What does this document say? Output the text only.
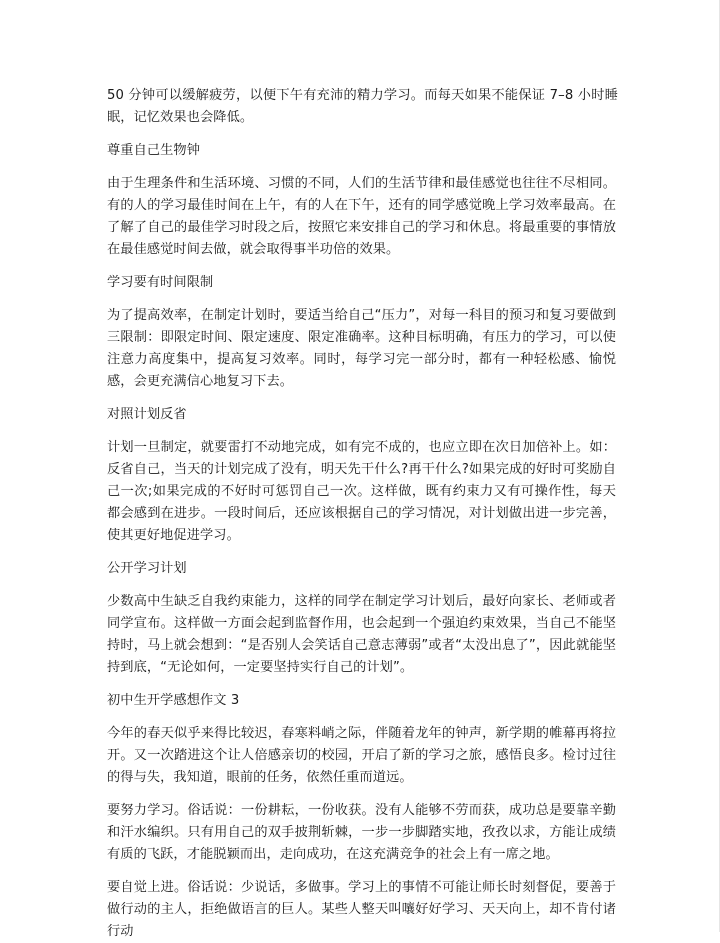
50 分钟可以缓解疲劳，以便下午有充沛的精力学习。而每天如果不能保证 7–8 小时睡眠，记忆效果也会降低。

尊重自己生物钟

由于生理条件和生活环境、习惯的不同，人们的生活节律和最佳感觉也往往不尽相同。有的人的学习最佳时间在上午，有的人在下午，还有的同学感觉晚上学习效率最高。在了解了自己的最佳学习时段之后，按照它来安排自己的学习和休息。将最重要的事情放在最佳感觉时间去做，就会取得事半功倍的效果。

学习要有时间限制

为了提高效率，在制定计划时，要适当给自己“压力”，对每一科目的预习和复习要做到三限制：即限定时间、限定速度、限定准确率。这种目标明确，有压力的学习，可以使注意力高度集中，提高复习效率。同时，每学习完一部分时，都有一种轻松感、愉悦感，会更充满信心地复习下去。

对照计划反省

计划一旦制定，就要雷打不动地完成，如有完不成的，也应立即在次日加倍补上。如：反省自己，当天的计划完成了没有，明天先干什么?再干什么?如果完成的好时可奖励自己一次;如果完成的不好时可惩罚自己一次。这样做，既有约束力又有可操作性，每天都会感到在进步。一段时间后，还应该根据自己的学习情况，对计划做出进一步完善，使其更好地促进学习。

公开学习计划

少数高中生缺乏自我约束能力，这样的同学在制定学习计划后，最好向家长、老师或者同学宣布。这样做一方面会起到监督作用，也会起到一个强迫约束效果，当自己不能坚持时，马上就会想到：“是否别人会笑话自己意志薄弱”或者“太没出息了”，因此就能坚持到底，“无论如何，一定要坚持实行自己的计划”。

初中生开学感想作文 3

今年的春天似乎来得比较迟，春寒料峭之际，伴随着龙年的钟声，新学期的帷幕再将拉开。又一次踏进这个让人倍感亲切的校园，开启了新的学习之旅，感悟良多。检讨过往的得与失，我知道，眼前的任务，依然任重而道远。

要努力学习。俗话说：一份耕耘，一份收获。没有人能够不劳而获，成功总是要靠辛勤和汗水编织。只有用自己的双手披荆斩棘，一步一步脚踏实地，孜孜以求，方能让成绩有质的飞跃，才能脱颖而出，走向成功，在这充满竞争的社会上有一席之地。

要自觉上进。俗话说：少说话，多做事。学习上的事情不可能让师长时刻督促，要善于做行动的主人，拒绝做语言的巨人。某些人整天叫嚷好好学习、天天向上，却不肯付诸行动
